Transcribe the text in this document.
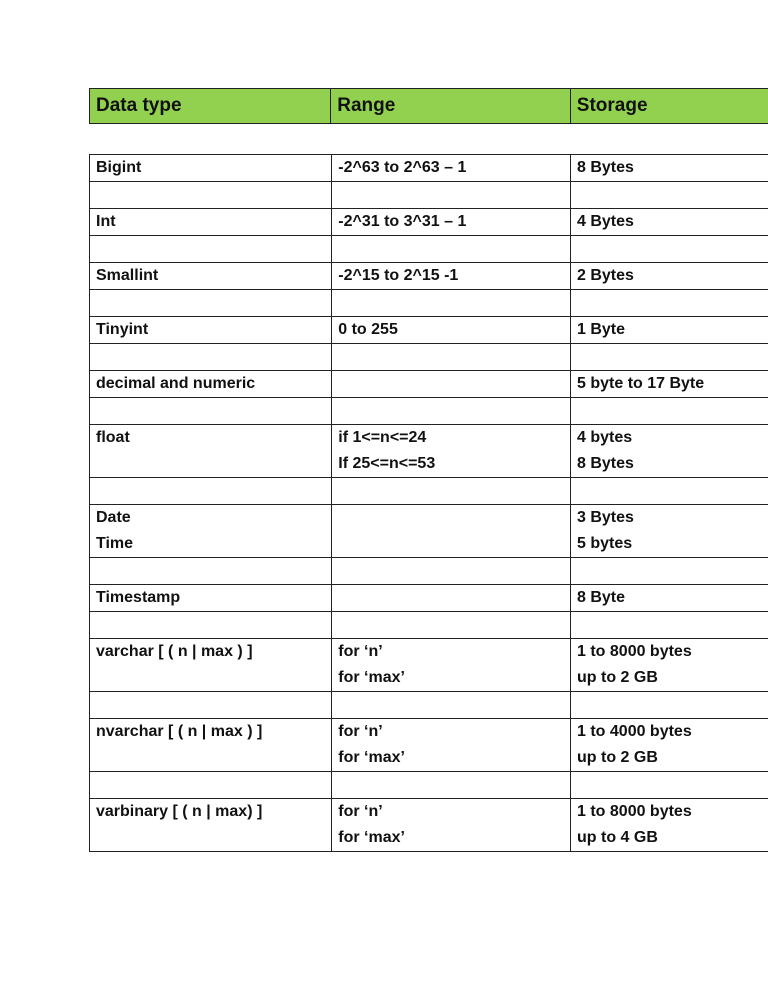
Data type	Range	Storage
Bigint	-2^63 to 2^63 – 1	8 Bytes

Int	-2^31 to 3^31 – 1	4 Bytes

Smallint	-2^15 to 2^15 -1	2 Bytes

Tinyint	0 to 255	1 Byte

decimal and numeric		5 byte to 17 Byte

float	if 1<=n<=24	4 bytes
	If 25<=n<=53	8 Bytes

Date		3 Bytes
Time		5 bytes

Timestamp		8 Byte

varchar [ ( n | max ) ]	for ‘n’	1 to 8000 bytes
	for ‘max’	up to 2 GB

nvarchar [ ( n | max ) ]	for ‘n’	1 to 4000 bytes
	for ‘max’	up to 2 GB

varbinary [ ( n | max) ]	for ‘n’	1 to 8000 bytes
	for ‘max’	up to 4 GB
